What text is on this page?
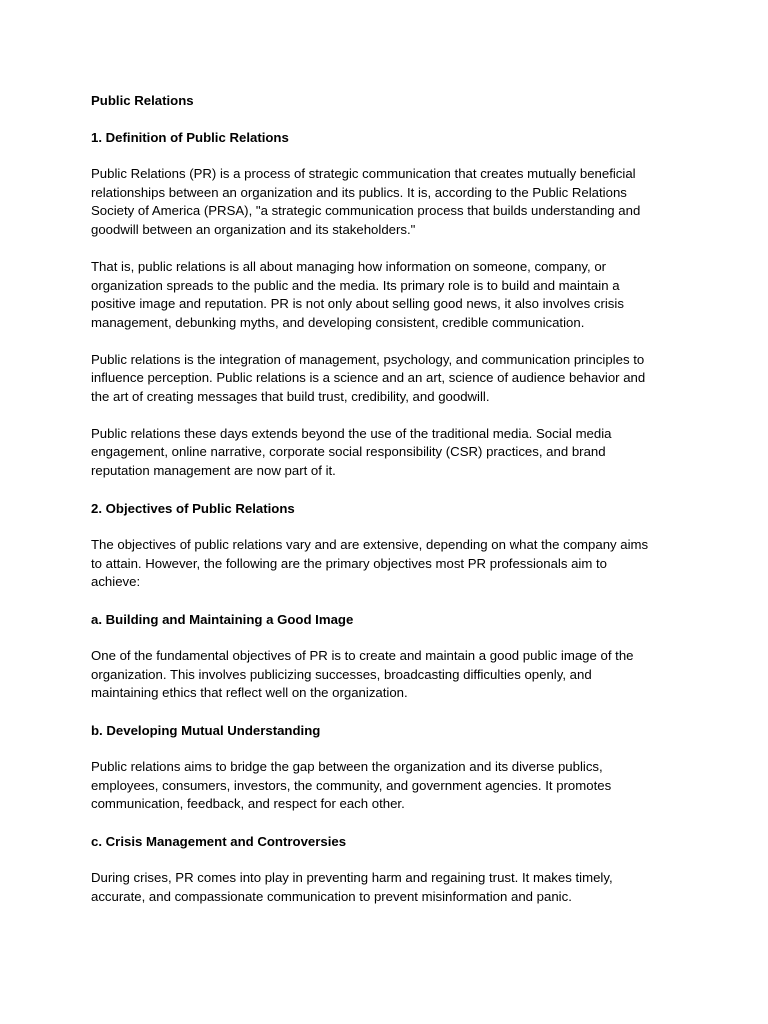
Public Relations
1. Definition of Public Relations
Public Relations (PR) is a process of strategic communication that creates mutually beneficial
relationships between an organization and its publics. It is, according to the Public Relations
Society of America (PRSA), "a strategic communication process that builds understanding and
goodwill between an organization and its stakeholders."
That is, public relations is all about managing how information on someone, company, or
organization spreads to the public and the media. Its primary role is to build and maintain a
positive image and reputation. PR is not only about selling good news, it also involves crisis
management, debunking myths, and developing consistent, credible communication.
Public relations is the integration of management, psychology, and communication principles to
influence perception. Public relations is a science and an art, science of audience behavior and
the art of creating messages that build trust, credibility, and goodwill.
Public relations these days extends beyond the use of the traditional media. Social media
engagement, online narrative, corporate social responsibility (CSR) practices, and brand
reputation management are now part of it.
2. Objectives of Public Relations
The objectives of public relations vary and are extensive, depending on what the company aims
to attain. However, the following are the primary objectives most PR professionals aim to
achieve:
a. Building and Maintaining a Good Image
One of the fundamental objectives of PR is to create and maintain a good public image of the
organization. This involves publicizing successes, broadcasting difficulties openly, and
maintaining ethics that reflect well on the organization.
b. Developing Mutual Understanding
Public relations aims to bridge the gap between the organization and its diverse publics,
employees, consumers, investors, the community, and government agencies. It promotes
communication, feedback, and respect for each other.
c. Crisis Management and Controversies
During crises, PR comes into play in preventing harm and regaining trust. It makes timely,
accurate, and compassionate communication to prevent misinformation and panic.
